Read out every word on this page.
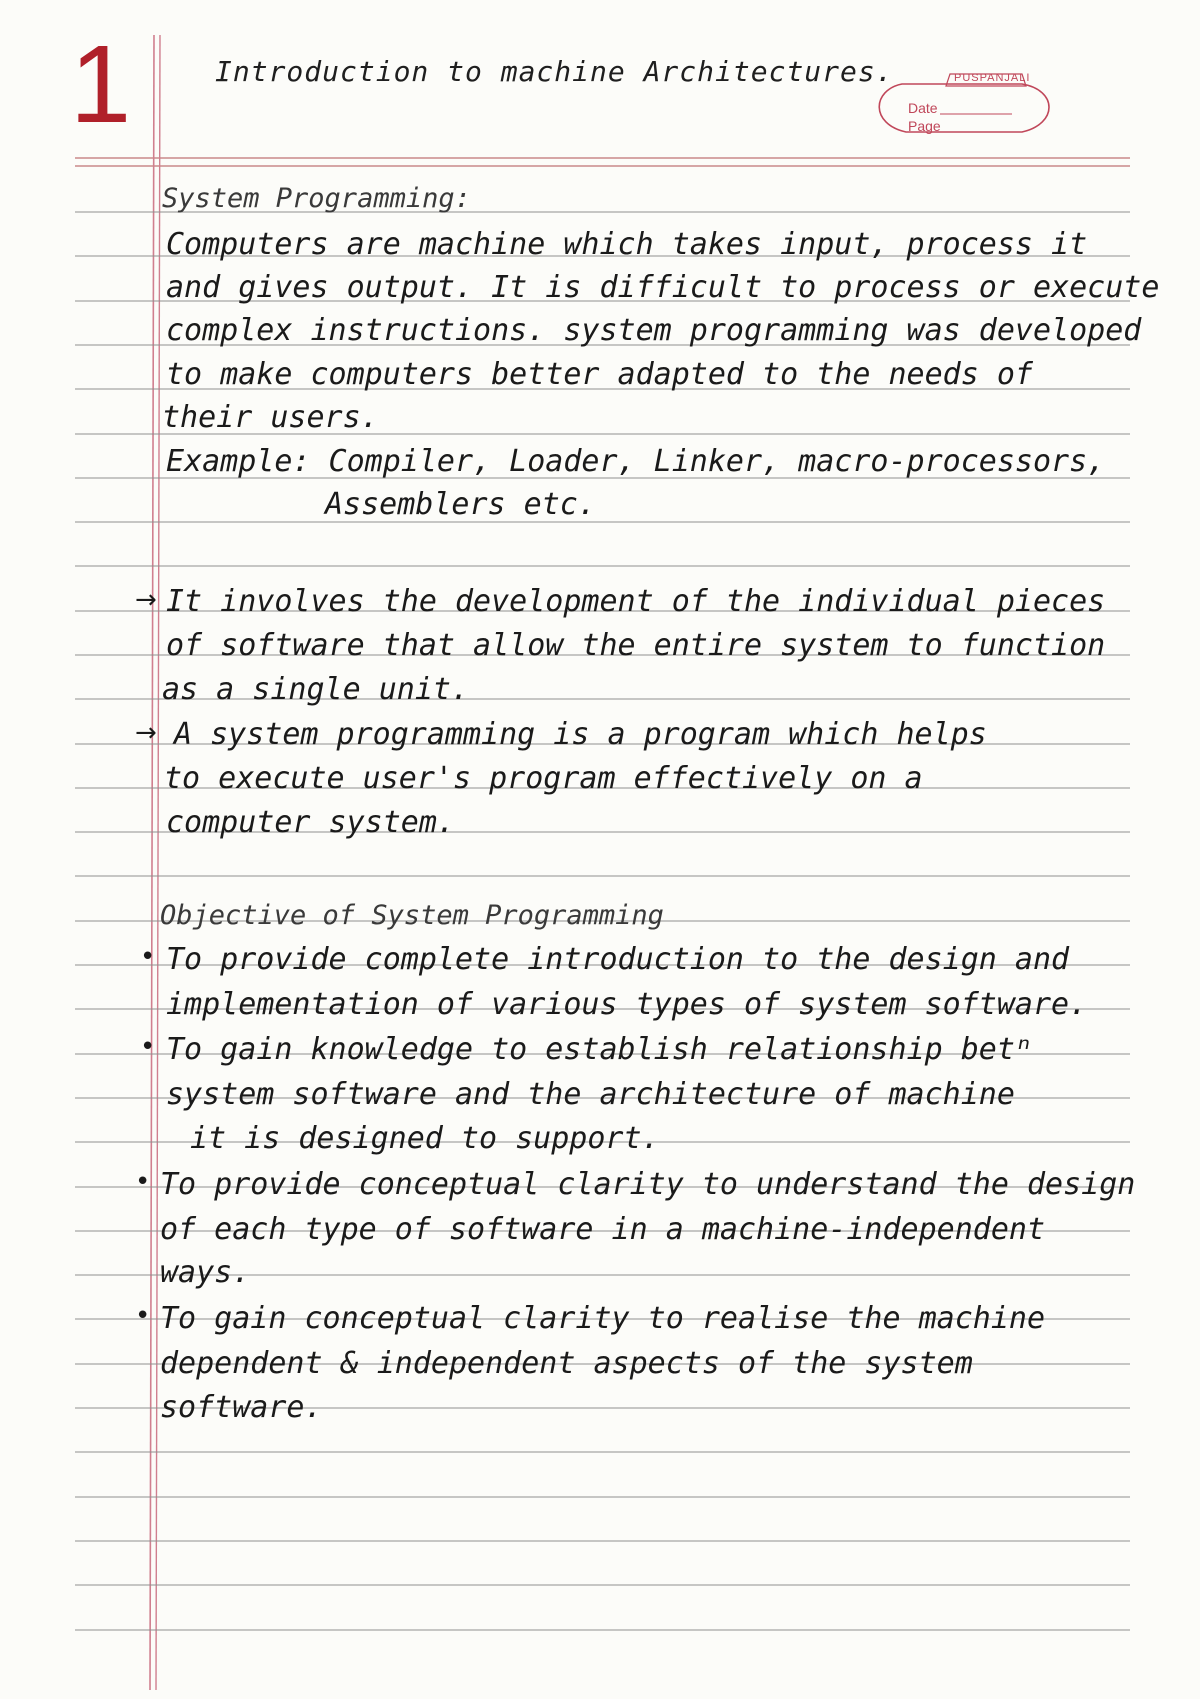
1	Introduction to machine Architectures.	PUSPANJALI
Date
Page
System Programming:
Computers are machine which takes input, process it
and gives output. It is difficult to process or execute
complex instructions. system programming was developed
to make computers better adapted to the needs of
their users.
Example: Compiler, Loader, Linker, macro-processors,
Assemblers etc.
→ It involves the development of the individual pieces
of software that allow the entire system to function
as a single unit.
→ A system programming is a program which helps
to execute user's program effectively on a
computer system.
Objective of System Programming
• To provide complete introduction to the design and
implementation of various types of system software.
• To gain knowledge to establish relationship betⁿ
system software and the architecture of machine
it is designed to support.
• To provide conceptual clarity to understand the design
of each type of software in a machine-independent
ways.
• To gain conceptual clarity to realise the machine
dependent & independent aspects of the system
software.
